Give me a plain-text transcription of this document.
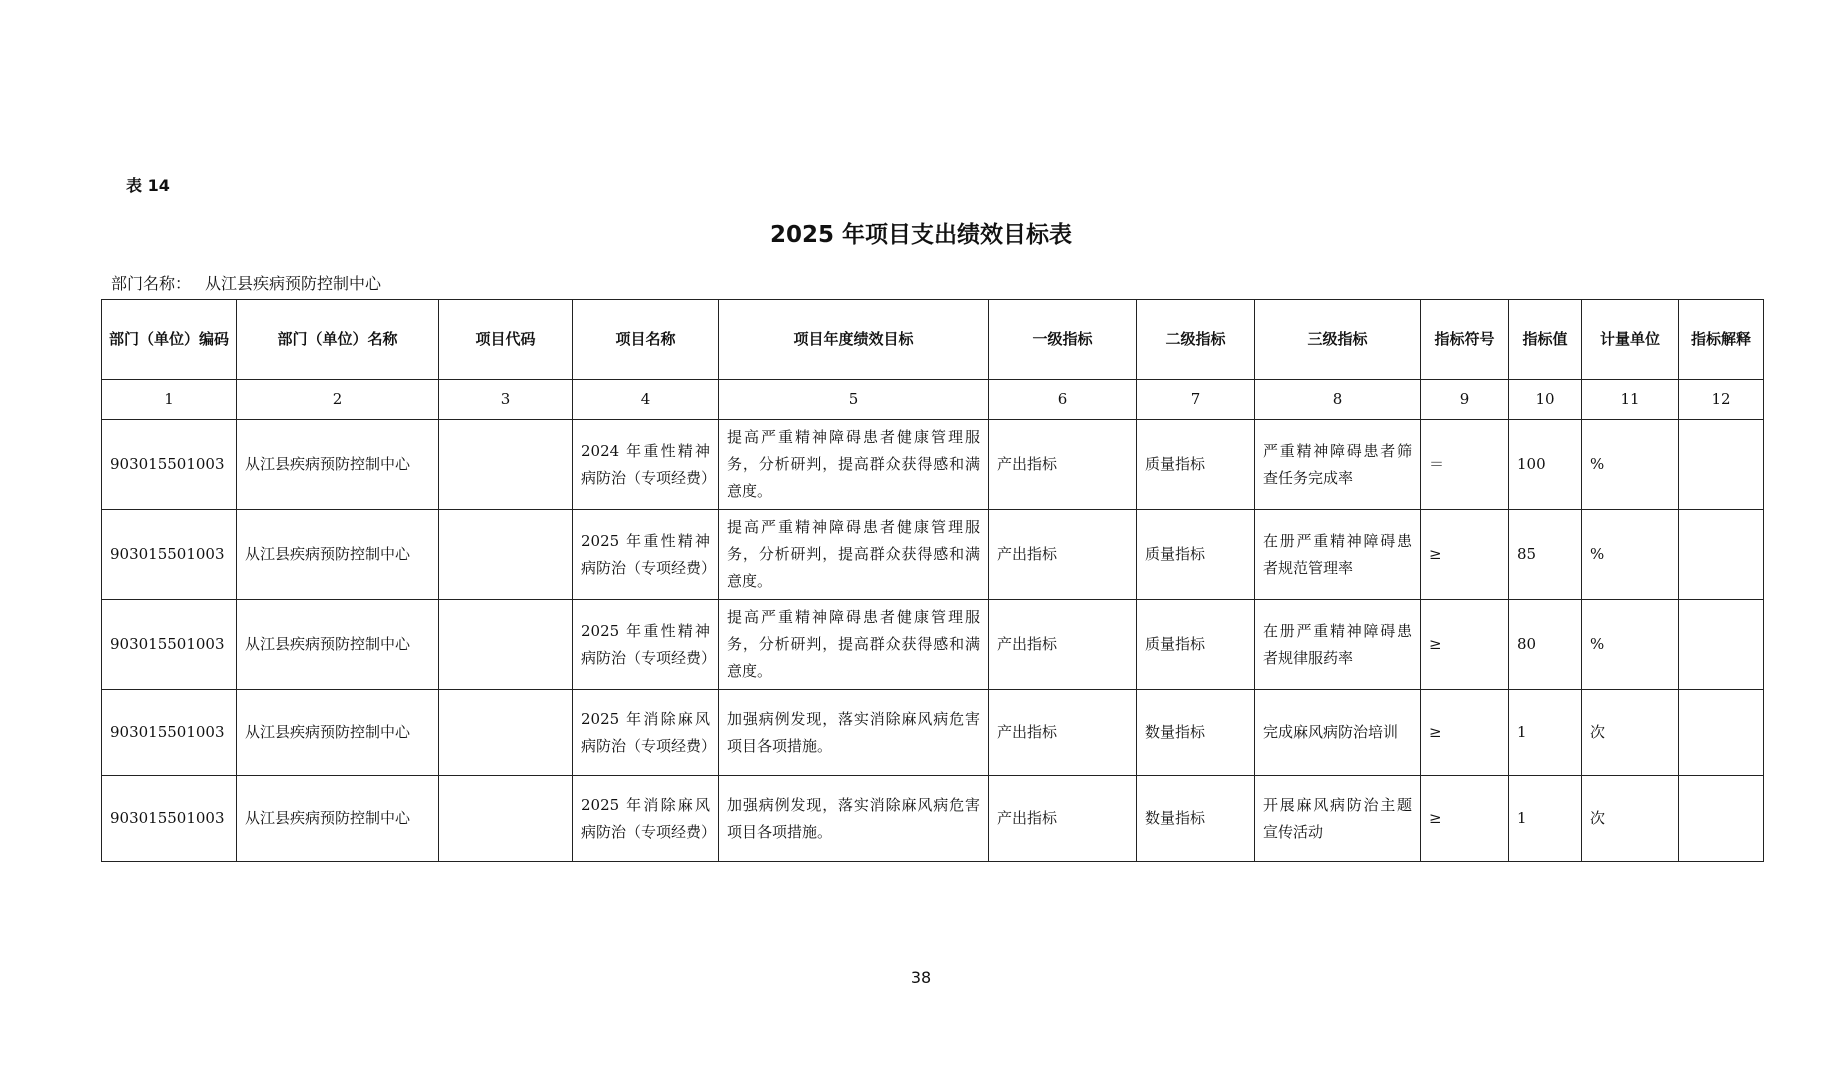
表 14
2025 年项目支出绩效目标表
部门名称： 从江县疾病预防控制中心
部门（单位）编码	部门（单位）名称	项目代码	项目名称	项目年度绩效目标	一级指标	二级指标	三级指标	指标符号	指标值	计量单位	指标解释
1	2	3	4	5	6	7	8	9	10	11	12
903015501003	从江县疾病预防控制中心		2024 年重性精神病防治（专项经费）	提高严重精神障碍患者健康管理服务，分析研判，提高群众获得感和满意度。	产出指标	质量指标	严重精神障碍患者筛查任务完成率	＝	100	%	
903015501003	从江县疾病预防控制中心		2025 年重性精神病防治（专项经费）	提高严重精神障碍患者健康管理服务，分析研判，提高群众获得感和满意度。	产出指标	质量指标	在册严重精神障碍患者规范管理率	≥	85	%	
903015501003	从江县疾病预防控制中心		2025 年重性精神病防治（专项经费）	提高严重精神障碍患者健康管理服务，分析研判，提高群众获得感和满意度。	产出指标	质量指标	在册严重精神障碍患者规律服药率	≥	80	%	
903015501003	从江县疾病预防控制中心		2025 年消除麻风病防治（专项经费）	加强病例发现，落实消除麻风病危害项目各项措施。	产出指标	数量指标	完成麻风病防治培训	≥	1	次	
903015501003	从江县疾病预防控制中心		2025 年消除麻风病防治（专项经费）	加强病例发现，落实消除麻风病危害项目各项措施。	产出指标	数量指标	开展麻风病防治主题宣传活动	≥	1	次	
38
